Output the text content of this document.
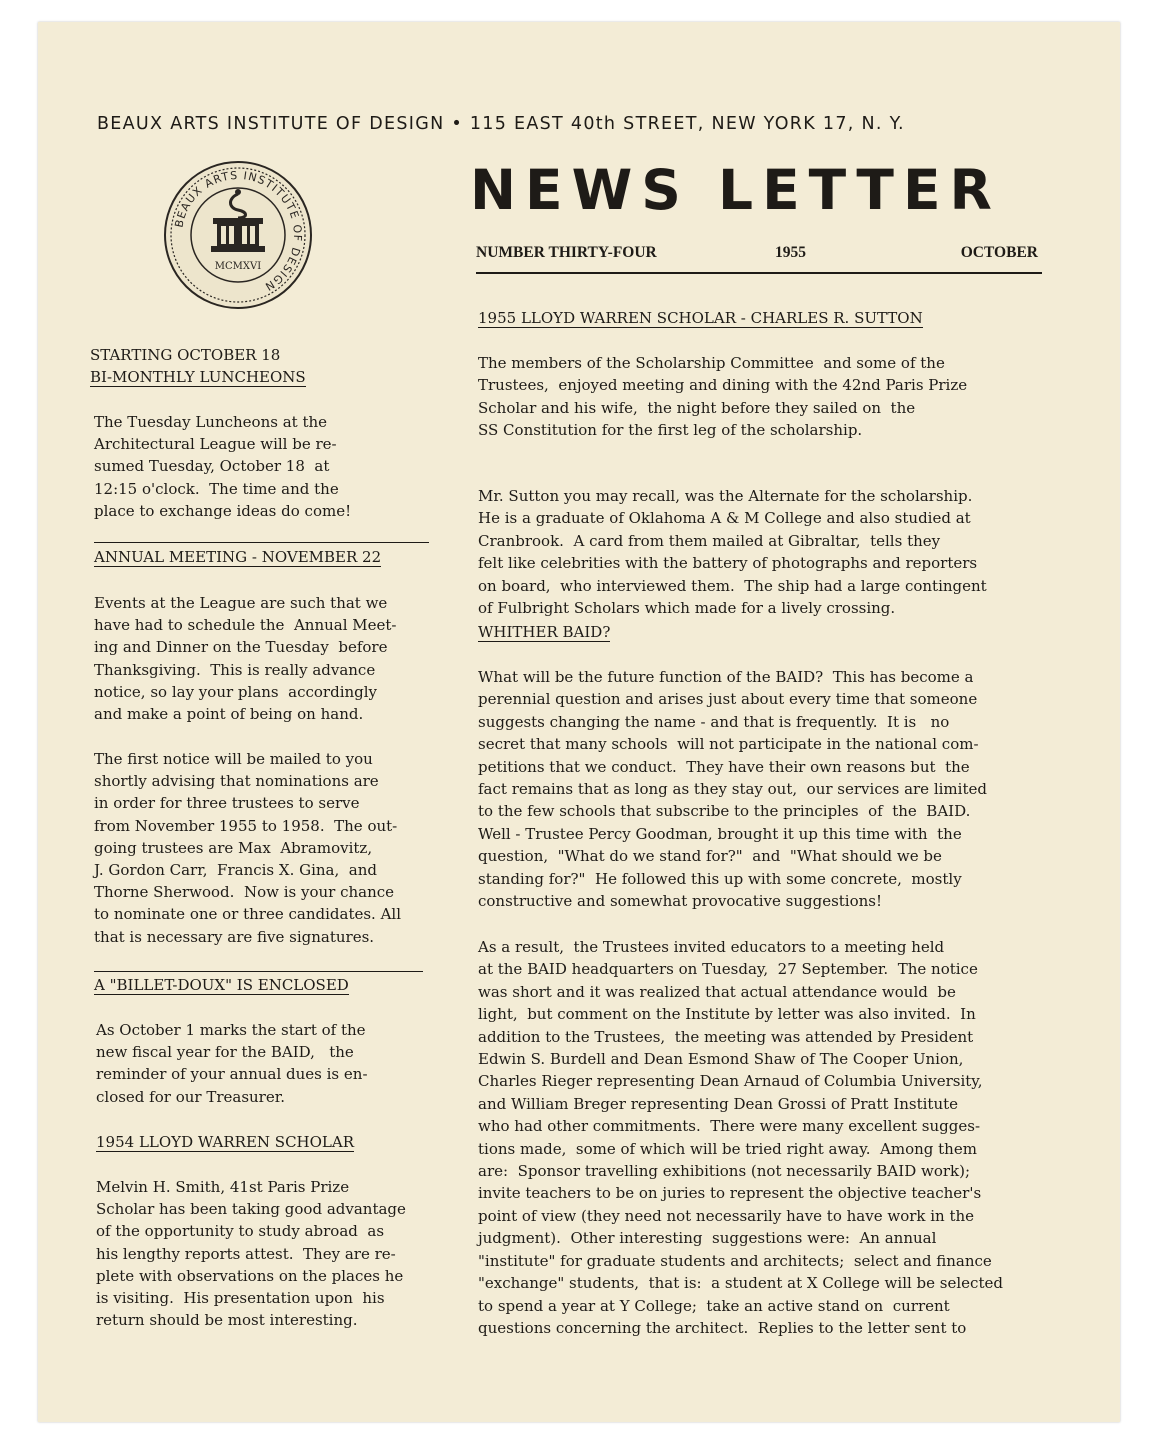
BEAUX ARTS INSTITUTE OF DESIGN • 115 EAST 40th STREET, NEW YORK 17, N. Y.
BEAUX ARTS INSTITUTE OF DESIGN
MCMXVI
NEWS LETTER
NUMBER THIRTY-FOUR	1955	OCTOBER
STARTING OCTOBER 18
BI-MONTHLY LUNCHEONS
The Tuesday Luncheons at the
Architectural League will be re-
sumed Tuesday, October 18  at
12:15 o'clock.  The time and the
place to exchange ideas do come!
ANNUAL MEETING - NOVEMBER 22
Events at the League are such that we
have had to schedule the  Annual Meet-
ing and Dinner on the Tuesday  before
Thanksgiving.  This is really advance
notice, so lay your plans  accordingly
and make a point of being on hand.
The first notice will be mailed to you
shortly advising that nominations are
in order for three trustees to serve
from November 1955 to 1958.  The out-
going trustees are Max  Abramovitz,
J. Gordon Carr,  Francis X. Gina,  and
Thorne Sherwood.  Now is your chance
to nominate one or three candidates. All
that is necessary are five signatures.
A "BILLET-DOUX" IS ENCLOSED
As October 1 marks the start of the
new fiscal year for the BAID,   the
reminder of your annual dues is en-
closed for our Treasurer.
1954 LLOYD WARREN SCHOLAR
Melvin H. Smith, 41st Paris Prize
Scholar has been taking good advantage
of the opportunity to study abroad  as
his lengthy reports attest.  They are re-
plete with observations on the places he
is visiting.  His presentation upon  his
return should be most interesting.
1955 LLOYD WARREN SCHOLAR - CHARLES R. SUTTON
The members of the Scholarship Committee  and some of the
Trustees,  enjoyed meeting and dining with the 42nd Paris Prize
Scholar and his wife,  the night before they sailed on  the
SS Constitution for the first leg of the scholarship.
Mr. Sutton you may recall, was the Alternate for the scholarship.
He is a graduate of Oklahoma A & M College and also studied at
Cranbrook.  A card from them mailed at Gibraltar,  tells they
felt like celebrities with the battery of photographs and reporters
on board,  who interviewed them.  The ship had a large contingent
of Fulbright Scholars which made for a lively crossing.
WHITHER BAID?
What will be the future function of the BAID?  This has become a
perennial question and arises just about every time that someone
suggests changing the name - and that is frequently.  It is   no
secret that many schools  will not participate in the national com-
petitions that we conduct.  They have their own reasons but  the
fact remains that as long as they stay out,  our services are limited
to the few schools that subscribe to the principles  of  the  BAID.
Well - Trustee Percy Goodman, brought it up this time with  the
question,  "What do we stand for?"  and  "What should we be
standing for?"  He followed this up with some concrete,  mostly
constructive and somewhat provocative suggestions!
As a result,  the Trustees invited educators to a meeting held
at the BAID headquarters on Tuesday,  27 September.  The notice
was short and it was realized that actual attendance would  be
light,  but comment on the Institute by letter was also invited.  In
addition to the Trustees,  the meeting was attended by President
Edwin S. Burdell and Dean Esmond Shaw of The Cooper Union,
Charles Rieger representing Dean Arnaud of Columbia University,
and William Breger representing Dean Grossi of Pratt Institute
who had other commitments.  There were many excellent sugges-
tions made,  some of which will be tried right away.  Among them
are:  Sponsor travelling exhibitions (not necessarily BAID work);
invite teachers to be on juries to represent the objective teacher's
point of view (they need not necessarily have to have work in the
judgment).  Other interesting  suggestions were:  An annual
"institute" for graduate students and architects;  select and finance
"exchange" students,  that is:  a student at X College will be selected
to spend a year at Y College;  take an active stand on  current
questions concerning the architect.  Replies to the letter sent to
